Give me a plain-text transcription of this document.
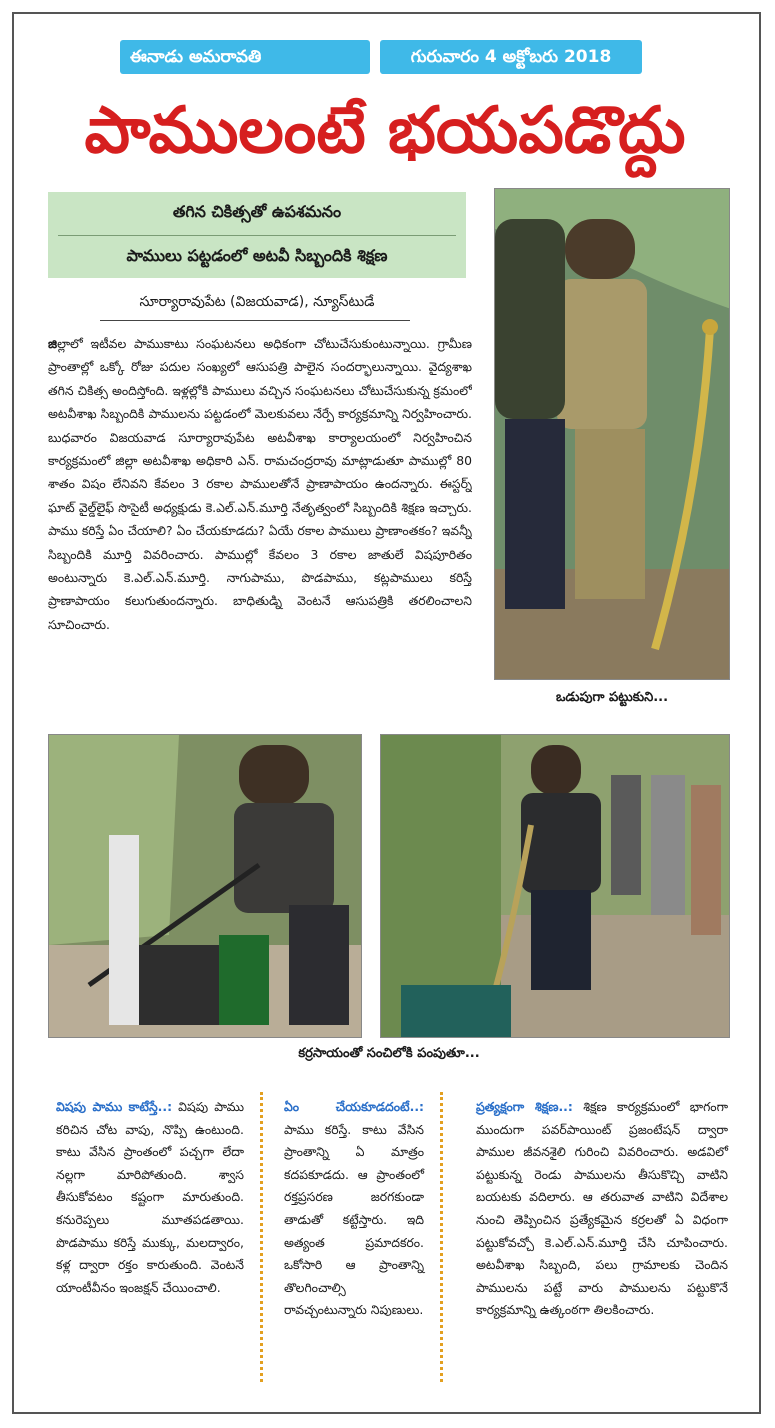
ఈనాడు అమరావతి	గురువారం 4 అక్టోబరు 2018
పాములంటే భయపడొద్దు
తగిన చికిత్సతో ఉపశమనం
పాములు పట్టడంలో అటవీ సిబ్బందికి శిక్షణ
సూర్యారావుపేట (విజయవాడ), న్యూస్‌టుడే
జిల్లాలో ఇటీవల పాముకాటు సంఘటనలు అధికంగా చోటుచేసుకుంటున్నాయి. గ్రామీణ ప్రాంతాల్లో ఒక్కో రోజు పదుల సంఖ్యలో ఆసుపత్రి పాలైన సందర్భాలున్నాయి. వైద్యశాఖ తగిన చికిత్స అందిస్తోంది. ఇళ్లల్లోకి పాములు వచ్చిన సంఘటనలు చోటుచేసుకున్న క్రమంలో అటవీశాఖ సిబ్బందికి పాములను పట్టడంలో మెలకువలు నేర్పే కార్యక్రమాన్ని నిర్వహించారు. బుధవారం విజయవాడ సూర్యారావుపేట అటవీశాఖ కార్యాలయంలో నిర్వహించిన కార్యక్రమంలో జిల్లా అటవీశాఖ అధికారి ఎన్. రామచంద్రరావు మాట్లాడుతూ పాముల్లో 80 శాతం విషం లేనివని కేవలం 3 రకాల పాములతోనే ప్రాణాపాయం ఉందన్నారు. ఈస్టర్న్ ఘాట్ వైల్డ్‌లైఫ్ సొసైటీ అధ్యక్షుడు కె.ఎల్.ఎన్.మూర్తి నేతృత్వంలో సిబ్బందికి శిక్షణ ఇచ్చారు. పాము కరిస్తే ఏం చేయాలి? ఏం చేయకూడదు? ఏయే రకాల పాములు ప్రాణాంతకం? ఇవన్నీ సిబ్బందికి మూర్తి వివరించారు. పాముల్లో కేవలం 3 రకాల జాతులే విషపూరితం అంటున్నారు కె.ఎల్.ఎన్.మూర్తి. నాగుపాము, పొడపాము, కట్లపాములు కరిస్తే ప్రాణాపాయం కలుగుతుందన్నారు. బాధితుడ్ని వెంటనే ఆసుపత్రికి తరలించాలని సూచించారు.
ఒడుపుగా పట్టుకుని...
కర్రసాయంతో సంచిలోకి పంపుతూ...
విషపు పాము కాటేస్తే..: విషపు పాము కరిచిన చోట వాపు, నొప్పి ఉంటుంది. కాటు వేసిన ప్రాంతంలో పచ్చగా లేదా నల్లగా మారిపోతుంది. శ్వాస తీసుకోవటం కష్టంగా మారుతుంది. కనురెప్పలు మూతపడతాయి. పొడపాము కరిస్తే ముక్కు, మలద్వారం, కళ్ల ద్వారా రక్తం కారుతుంది. వెంటనే యాంటీవీనం ఇంజక్షన్ చేయించాలి.
ఏం చేయకూడదంటే..: పాము కరిస్తే. కాటు వేసిన ప్రాంతాన్ని ఏ మాత్రం కదపకూడదు. ఆ ప్రాంతంలో రక్తప్రసరణ జరగకుండా తాడుతో కట్టేస్తారు. ఇది అత్యంత ప్రమాదకరం. ఒకోసారి ఆ ప్రాంతాన్ని తొలగించాల్సి రావచ్చంటున్నారు నిపుణులు.
ప్రత్యక్షంగా శిక్షణ..: శిక్షణ కార్యక్రమంలో భాగంగా ముందుగా పవర్‌పాయింట్ ప్రజంటేషన్ ద్వారా పాముల జీవనశైలి గురించి వివరించారు. అడవిలో పట్టుకున్న రెండు పాములను తీసుకొచ్చి వాటిని బయటకు వదిలారు. ఆ తరువాత వాటిని విదేశాల నుంచి తెప్పించిన ప్రత్యేకమైన కర్రలతో ఏ విధంగా పట్టుకోవచ్చో కె.ఎల్.ఎన్.మూర్తి చేసి చూపించారు. అటవీశాఖ సిబ్బంది, పలు గ్రామాలకు చెందిన పాములను పట్టే వారు పాములను పట్టుకొనే కార్యక్రమాన్ని ఉత్కంఠగా తిలకించారు.
